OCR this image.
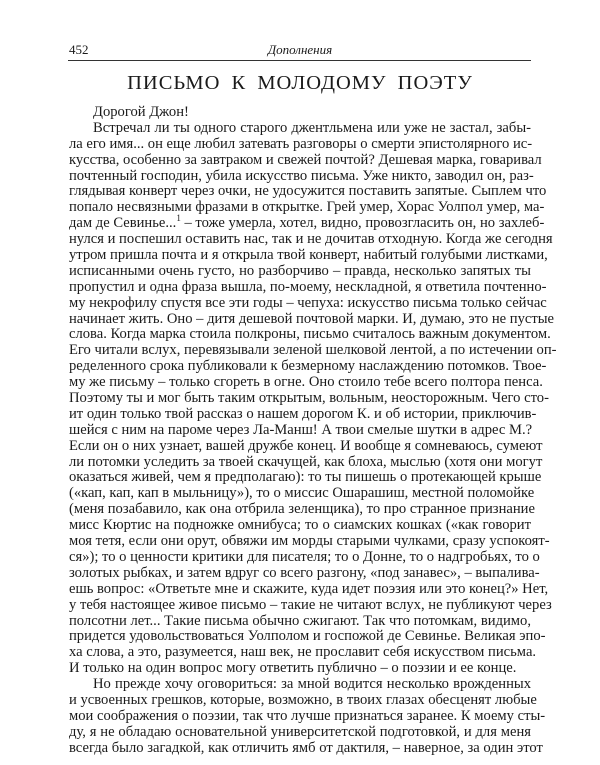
452	Дополнения
ПИСЬМО К МОЛОДОМУ ПОЭТУ
Дорогой Джон!
Встречал ли ты одного старого джентльмена или уже не застал, забы-
ла его имя... он еще любил затевать разговоры о смерти эпистолярного ис-
кусства, особенно за завтраком и свежей почтой? Дешевая марка, говаривал
почтенный господин, убила искусство письма. Уже никто, заводил он, раз-
глядывая конверт через очки, не удосужится поставить запятые. Сыплем что
попало несвязными фразами в открытке. Грей умер, Хорас Уолпол умер, ма-
дам де Севинье...$^1$ – тоже умерла, хотел, видно, провозгласить он, но захлеб-
нулся и поспешил оставить нас, так и не дочитав отходную. Когда же сегодня
утром пришла почта и я открыла твой конверт, набитый голубыми листками,
исписанными очень густо, но разборчиво – правда, несколько запятых ты
пропустил и одна фраза вышла, по-моему, нескладной, я ответила почтенно-
му некрофилу спустя все эти годы – чепуха: искусство письма только сейчас
начинает жить. Оно – дитя дешевой почтовой марки. И, думаю, это не пустые
слова. Когда марка стоила полкроны, письмо считалось важным документом.
Его читали вслух, перевязывали зеленой шелковой лентой, а по истечении оп-
ределенного срока публиковали к безмерному наслаждению потомков. Твое-
му же письму – только сгореть в огне. Оно стоило тебе всего полтора пенса.
Поэтому ты и мог быть таким открытым, вольным, неосторожным. Чего сто-
ит один только твой рассказ о нашем дорогом К. и об истории, приключив-
шейся с ним на пароме через Ла-Манш! А твои смелые шутки в адрес М.?
Если он о них узнает, вашей дружбе конец. И вообще я сомневаюсь, сумеют
ли потомки уследить за твоей скачущей, как блоха, мыслью (хотя они могут
оказаться живей, чем я предполагаю): то ты пишешь о протекающей крыше
(«кап, кап, кап в мыльницу»), то о миссис Ошарашиш, местной поломойке
(меня позабавило, как она отбрила зеленщика), то про странное признание
мисс Кюртис на подножке омнибуса; то о сиамских кошках («как говорит
моя тетя, если они орут, обвяжи им морды старыми чулками, сразу успокоят-
ся»); то о ценности критики для писателя; то о Донне, то о надгробьях, то о
золотых рыбках, и затем вдруг со всего разгону, «под занавес», – выпалива-
ешь вопрос: «Ответьте мне и скажите, куда идет поэзия или это конец?» Нет,
у тебя настоящее живое письмо – такие не читают вслух, не публикуют через
полсотни лет... Такие письма обычно сжигают. Так что потомкам, видимо,
придется удовольствоваться Уолполом и госпожой де Севинье. Великая эпо-
ха слова, а это, разумеется, наш век, не прославит себя искусством письма.
И только на один вопрос могу ответить публично – о поэзии и ее конце.
Но прежде хочу оговориться: за мной водится несколько врожденных
и усвоенных грешков, которые, возможно, в твоих глазах обесценят любые
мои соображения о поэзии, так что лучше признаться заранее. К моему сты-
ду, я не обладаю основательной университетской подготовкой, и для меня
всегда было загадкой, как отличить ямб от дактиля, – наверное, за один этот
